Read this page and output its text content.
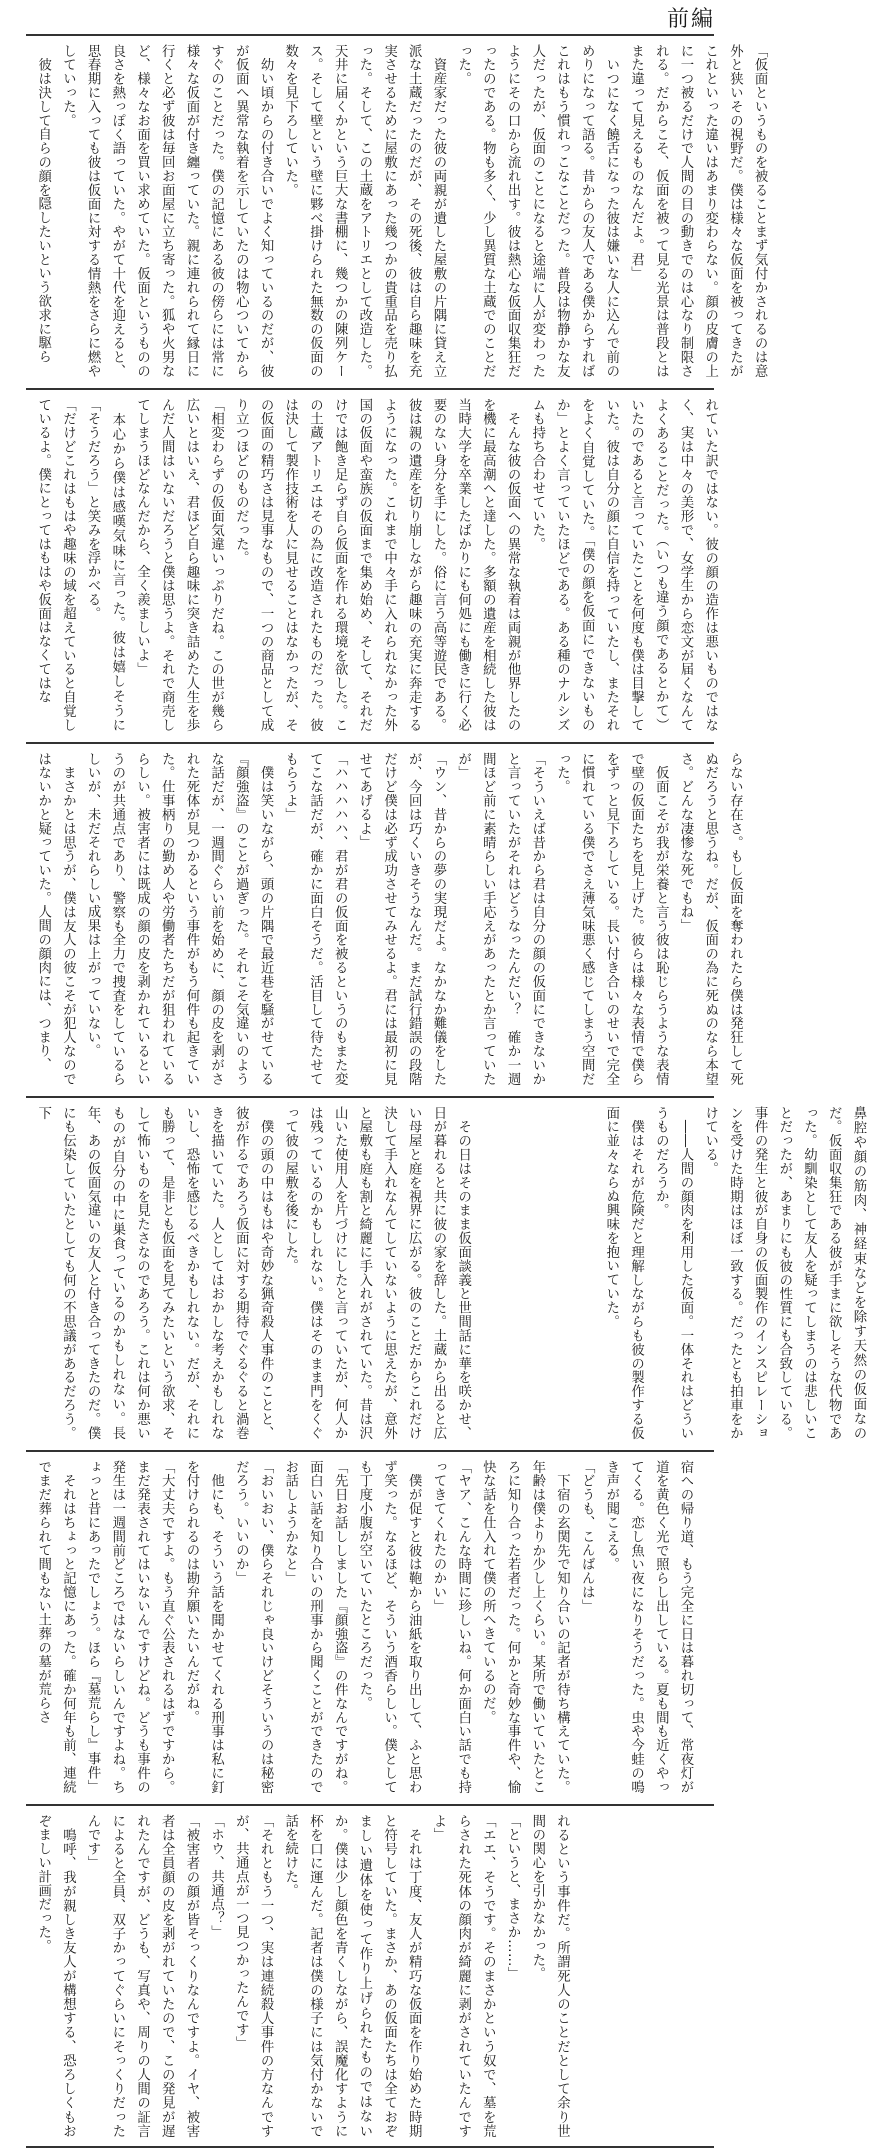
前編

「仮面というものを被ることまず気付かされるのは意外と狭いその視野だ。僕は様々な仮面を被ってきたがこれといった違いはあまり変わらない。顔の皮膚の上に一つ被るだけで人間の目の動きでのは心なり制限される。だからこそ、仮面を被って見る光景は普段とはまた違って見えるものなんだよ。君」
　いつになく饒舌になった彼は嫌いな人に込んで前のめりになって語る。昔からの友人である僕からすればこれはもう慣れっこなことだった。普段は物静かな友人だったが、仮面のことになると途端に人が変わったようにその口から流れ出す。彼は熱心な仮面収集狂だったのである。物も多く、少し異質な土蔵でのことだった。
　資産家だった彼の両親が遺した屋敷の片隅に貸え立派な土蔵だったのだが、その死後、彼は自ら趣味を充実させるために屋敷にあった幾つかの貴重品を売り払った。そして、この土蔵をアトリエとして改造した。天井に届くかという巨大な書棚に、幾つかの陳列ケース。そして壁という壁に夥べ掛けられた無数の仮面の数々を見下ろしていた。
　幼い頃からの付き合いでよく知っているのだが、彼が仮面へ異常な執着を示していたのは物心ついてからすぐのことだった。僕の記憶にある彼の傍らには常に様々な仮面が付き纏っていた。親に連れられて縁日に行くと必ず彼は毎回お面屋に立ち寄った。狐や火男など、様々なお面を買い求めていた。仮面というものの良さを熱っぽく語っていた。やがて十代を迎えると、思春期に入っても彼は仮面に対する情熱をさらに燃やしていった。
　彼は決して自らの顔を隠したいという欲求に駆ら

れていた訳ではない。彼の顔の造作は悪いものではなく、実は中々の美形で、女学生から恋文が届くなんてよくあることだった。（いつも違う顔であるとかて）いたのであると言っていたことを何度も僕は目撃していた。彼は自分の顔に自信を持っていたし、またそれをよく自覚していた。「僕の顔を仮面にできないものか」とよく言っていたほどである。ある種のナルシズムも持ち合わせていた。
　そんな彼の仮面への異常な執着は両親が他界したのを機に最高潮へと達した。多額の遺産を相続した彼は当時大学を卒業したばかりにも何処にも働きに行く必要のない身分を手にした。俗に言う高等遊民である。彼は親の遺産を切り崩しながら趣味の充実に奔走するようになった。これまで中々手に入れられなかった外国の仮面や蛮族の仮面まで集め始め、そして、それだけでは飽き足らず自ら仮面を作れる環境を欲した。この土蔵アトリエはその為に改造されたものだった。彼は決して製作技術を人に見せることはなかったが、その仮面の精巧さは見事なもので、一つの商品として成り立つほどのものだった。
「相変わらずの仮面気違いっぷりだね。この世が幾ら広いとはいえ、君ほど自ら趣味に突き詰めた人生を歩んだ人間はいないだろうと僕は思うよ。それで商売してしまうほどなんだから、全く羨ましいよ」
　本心から僕は感嘆気味に言った。彼は嬉しそうに「そうだろう」と笑みを浮かべる。
「だけどこれはもはや趣味の域を超えていると自覚しているよ。僕にとってはもはや仮面はなくてはな

らない存在さ。もし仮面を奪われたら僕は発狂して死ぬだろうと思うね。だが、仮面の為に死ぬのなら本望さ。どんな凄惨な死でもね」
　仮面こそが我が栄養と言う彼は恥じらうような表情で壁の仮面たちを見上げた。彼らは様々な表情で僕らをずっと見下ろしている。長い付き合いのせいで完全に慣れている僕でさえ薄気味悪く感じてしまう空間だった。
「そういえば昔から君は自分の顔の仮面にできないかと言っていたがそれはどうなったんだい？　確か一週間ほど前に素晴らしい手応えがあったとか言っていたが」
「ウン、昔からの夢の実現だよ。なかなか難儀をしたが、今回は巧くいきそうなんだ。まだ試行錯誤の段階だけど僕は必ず成功させてみせるよ。君には最初に見せてあげるよ」
「ハハハハハ、君が君の仮面を被るというのもまた変てこな話だが、確かに面白そうだ。活目して待たせてもらうよ」
　僕は笑いながら、頭の片隅で最近巷を騒がせている『顔強盗』のことが過ぎった。それこそ気違いのような話だが、一週間ぐらい前を始めに、顔の皮を剥がされた死体が見つかるという事件がもう何件も起きていた。仕事柄りの勤め人や労働者たちだが狙われているらしい。被害者には既成の顔の皮を剥かれているというのが共通点であり、警察も全力で捜査をしているらしいが、未だそれらしい成果は上がっていない。
　まさかとは思うが、僕は友人の彼こそが犯人なのではないかと疑っていた。人間の顔肉には、つまり、

鼻腔や顔の筋肉、神経束などを除す天然の仮面なのだ。仮面収集狂である彼が手まに欲しそうな代物であった。幼馴染として友人を疑ってしまうのは悲しいことだったが、あまりにも彼の性質にも合致している。事件の発生と彼が自身の仮面製作のインスピレーションを受けた時期はほぼ一致する。だったとも拍車をかけている。
　――人間の顔肉を利用した仮面。一体それはどういうものだろうか。
　僕はそれが危険だと理解しながらも彼の製作する仮面に並々ならぬ興味を抱いていた。

　その日はそのまま仮面談義と世間話に華を咲かせ、日が暮れると共に彼の家を辞した。土蔵から出ると広い母屋と庭を視界に広がる。彼のことだからこれだけ決して手入れなんてしていないように思えたが、意外と屋敷も庭も割と綺麗に手入れがされていた。昔は沢山いた使用人を片づけにしたと言っていたが、何人かは残っているのかもしれない。僕はそのまま門をくぐって彼の屋敷を後にした。
　僕の頭の中はもはや奇妙な猟奇殺人事件のことと、彼が作るであろう仮面に対する期待でぐるぐると渦巻きを描いていた。人としてはおかしな考えかもしれないし、恐怖を感じるべきかもしれない。だが、それにも勝って、是非とも仮面を見てみたいという欲求、そして怖いものを見たさなのであろう。これは何か悪いものが自分の中に巣食っているのかもしれない。長年、あの仮面気違いの友人と付き合ってきたのだ。僕にも伝染していたとしても何の不思議があるだろう。下

宿への帰り道、もう完全に日は暮れ切って、常夜灯が道を黄色く光で照らし出している。夏も間も近くやってくる。恋し魚い夜になりそうだった。虫や今蛙の鳴き声が聞こえる。
「どうも、こんばんは」
　下宿の玄関先で知り合いの記者が待ち構えていた。年齢は僕よりか少し上くらい。某所で働いていたところに知り合った若者だった。何かと奇妙な事件や、愉快な話を仕入れて僕の所へきているのだ。
「ヤア、こんな時間に珍しいね。何か面白い話でも持ってきてくれたのかい」
　僕が促すと彼は鞄から油紙を取り出して、ふと思わず笑った。なるほど、そういう酒香らしい。僕としても丁度小腹が空いていたところだった。
「先日お話ししました『顔強盗』の件なんですがね。面白い話を知り合いの刑事から聞くことができたのでお話しようかなと」
「おいおい、僕らそれじゃ良いけどそういうのは秘密だろう。いいのか」
　他にも、そういう話を聞かせてくれる刑事は私に釘を付けられるのは勘弁願いたいんだがね。
「大丈夫ですよ。もう直ぐ公表されるはずですから。まだ発表されてはいないんですけどね。どうも事件の発生は一週間前どころではないらしいんですよね。ちょっと昔にあったでしょう。ほら『墓荒らし』事件」
　それはちょっと記憶にあった。確か何年も前、連続でまだ葬られて間もない土葬の墓が荒らさ

れるという事件だ。所謂死人のことだとして余り世間の関心を引かなかった。
「というと、まさか……」
「エエ、そうです。そのまさかという奴で、墓を荒らされた死体の顔肉が綺麗に剥がされていたんですよ」
　それは丁度、友人が精巧な仮面を作り始めた時期と符号していた。まさか、あの仮面たちは全ておぞましい遺体を使って作り上げられたものではないか。僕は少し顔色を青くしながら、誤魔化すように杯を口に運んだ。記者は僕の様子には気付かないで話を続けた。
「それともう一つ、実は連続殺人事件の方なんですが、共通点が一つ見つかったんです」
「ホウ、共通点？」
「被害者の顔が皆そっくりなんですよ。イヤ、被害者は全員顔の皮を剥がれていたので、この発見が遅れたんですが、どうも、写真や、周りの人間の証言によると全員、双子かってぐらいにそっくりだったんです」
　鳴呼、我が親しき友人が構想する、恐ろしくもおぞましい計画だった。
